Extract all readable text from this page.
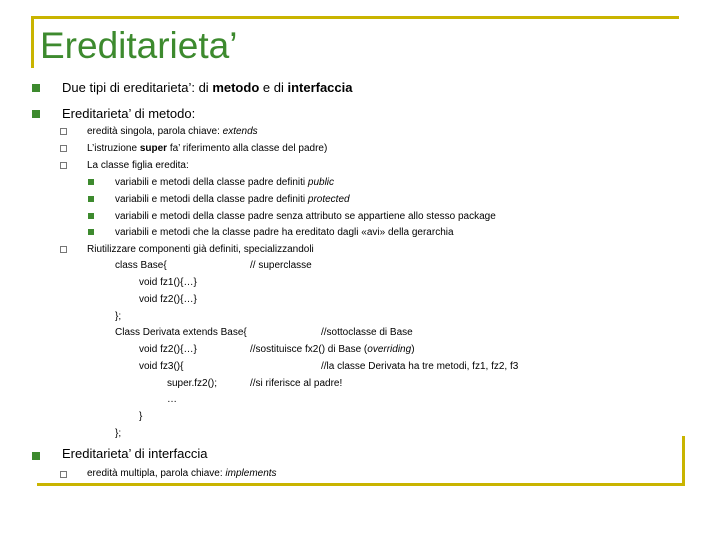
Ereditarieta’
Due tipi di ereditarieta’: di metodo e di interfaccia
Ereditarieta’ di metodo:
eredità singola, parola chiave: extends
L’istruzione super fa’ riferimento alla classe del padre)
La classe figlia eredita:
variabili e metodi della classe padre definiti public
variabili e metodi della classe padre definiti protected
variabili e metodi della classe padre senza attributo se appartiene allo stesso package
variabili e metodi che la classe padre ha ereditato dagli «avi» della gerarchia
Riutilizzare componenti già definiti, specializzandoli
class Base{	// superclasse
void fz1(){…}
void fz2(){…}
};
Class Derivata extends Base{	//sottoclasse di Base
void fz2(){…}	//sostituisce fx2() di Base (overriding)
void fz3(){	//la classe Derivata ha tre metodi, fz1, fz2, f3
super.fz2();	//si riferisce al padre!
…
}
};
Ereditarieta’ di interfaccia
eredità multipla, parola chiave: implements
